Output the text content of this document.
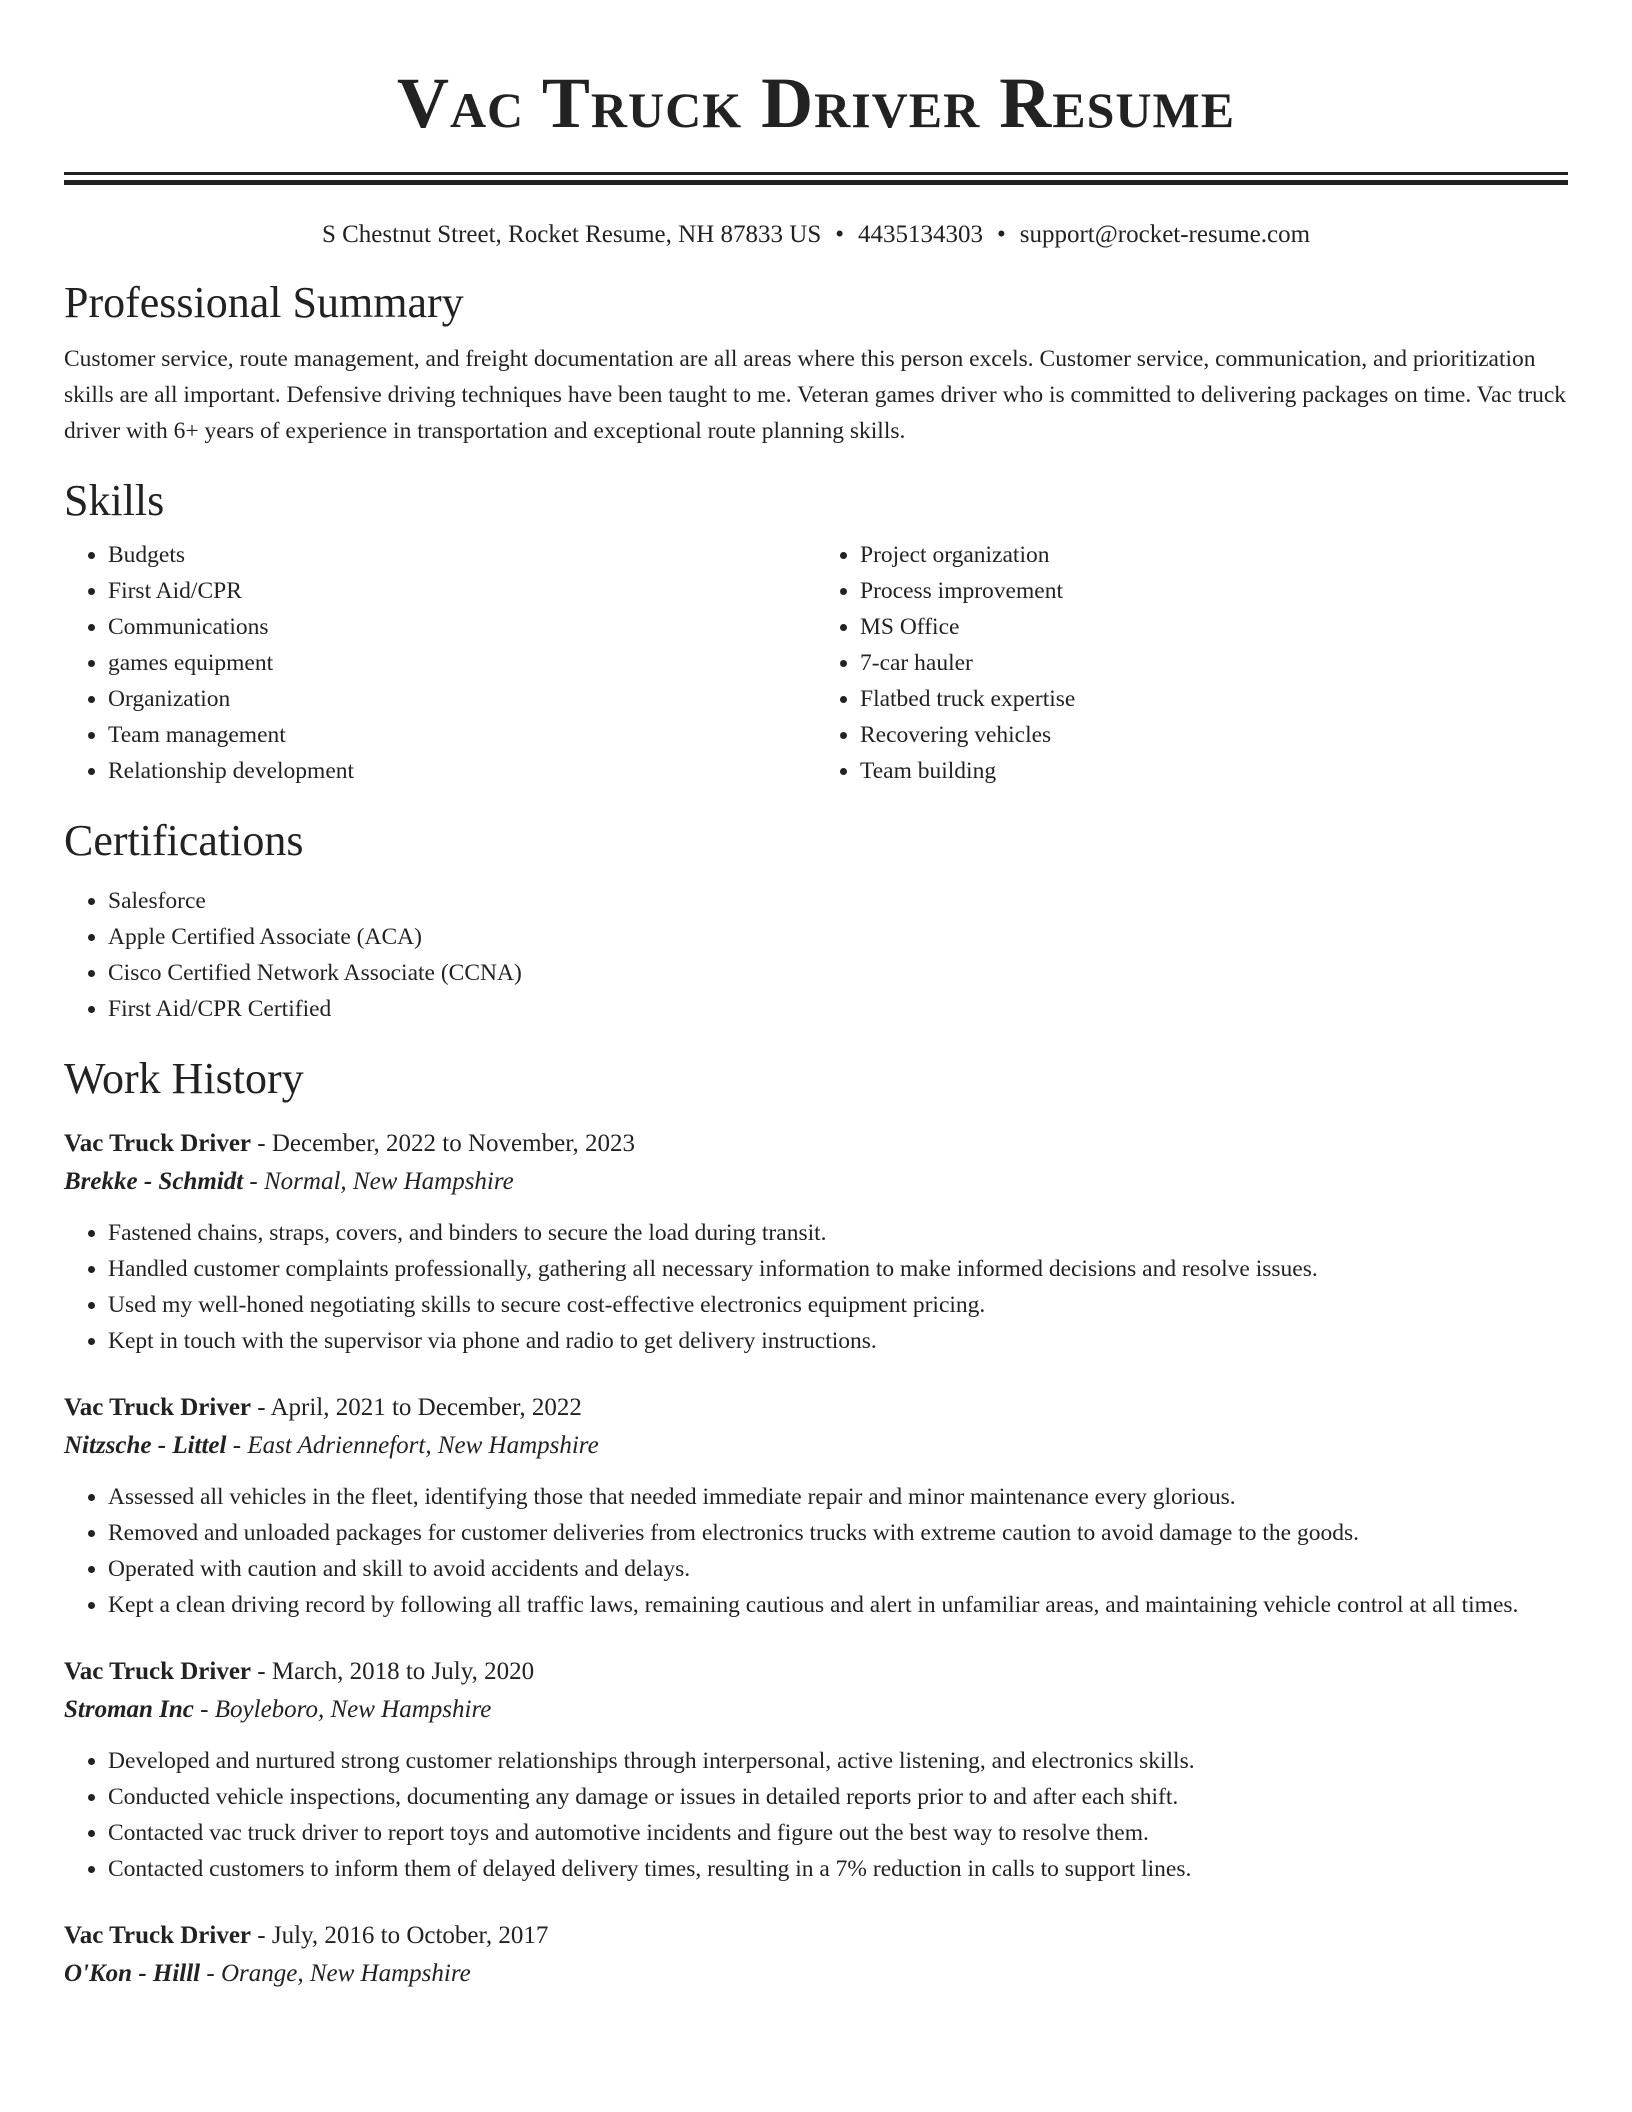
Vac Truck Driver Resume
S Chestnut Street, Rocket Resume, NH 87833 US • 4435134303 • support@rocket-resume.com
Professional Summary

Customer service, route management, and freight documentation are all areas where this person excels. Customer service, communication, and prioritization skills are all important. Defensive driving techniques have been taught to me. Veteran games driver who is committed to delivering packages on time. Vac truck driver with 6+ years of experience in transportation and exceptional route planning skills.

Skills
• Budgets
• First Aid/CPR
• Communications
• games equipment
• Organization
• Team management
• Relationship development
• Project organization
• Process improvement
• MS Office
• 7-car hauler
• Flatbed truck expertise
• Recovering vehicles
• Team building
Certifications
• Salesforce
• Apple Certified Associate (ACA)
• Cisco Certified Network Associate (CCNA)
• First Aid/CPR Certified
Work History
Vac Truck Driver - December, 2022 to November, 2023
Brekke - Schmidt - Normal, New Hampshire
• Fastened chains, straps, covers, and binders to secure the load during transit.
• Handled customer complaints professionally, gathering all necessary information to make informed decisions and resolve issues.
• Used my well-honed negotiating skills to secure cost-effective electronics equipment pricing.
• Kept in touch with the supervisor via phone and radio to get delivery instructions.
Vac Truck Driver - April, 2021 to December, 2022
Nitzsche - Littel - East Adriennefort, New Hampshire
• Assessed all vehicles in the fleet, identifying those that needed immediate repair and minor maintenance every glorious.
• Removed and unloaded packages for customer deliveries from electronics trucks with extreme caution to avoid damage to the goods.
• Operated with caution and skill to avoid accidents and delays.
• Kept a clean driving record by following all traffic laws, remaining cautious and alert in unfamiliar areas, and maintaining vehicle control at all times.
Vac Truck Driver - March, 2018 to July, 2020
Stroman Inc - Boyleboro, New Hampshire
• Developed and nurtured strong customer relationships through interpersonal, active listening, and electronics skills.
• Conducted vehicle inspections, documenting any damage or issues in detailed reports prior to and after each shift.
• Contacted vac truck driver to report toys and automotive incidents and figure out the best way to resolve them.
• Contacted customers to inform them of delayed delivery times, resulting in a 7% reduction in calls to support lines.
Vac Truck Driver - July, 2016 to October, 2017
O'Kon - Hilll - Orange, New Hampshire
